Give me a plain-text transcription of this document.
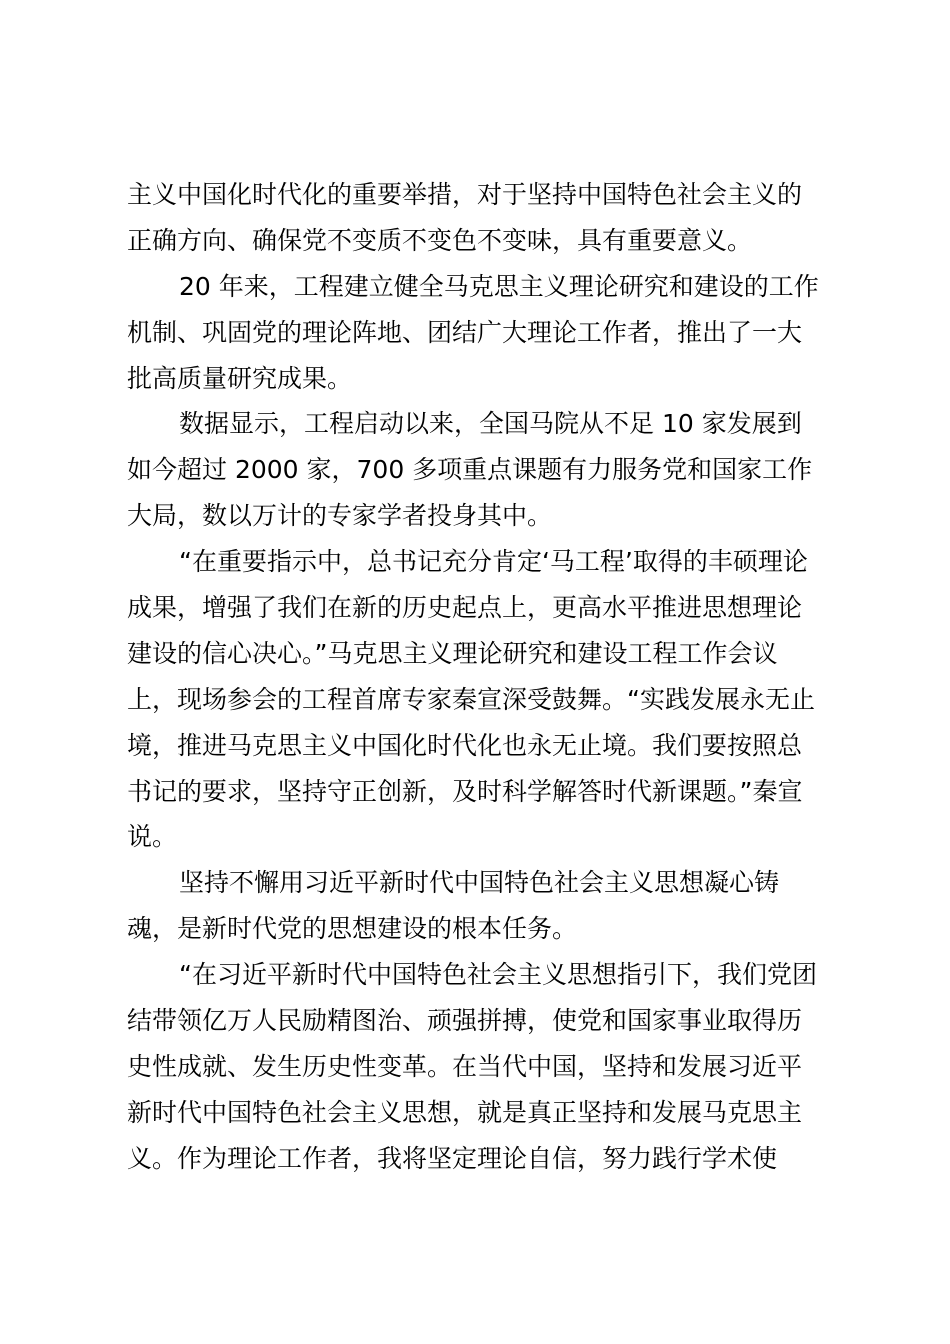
主义中国化时代化的重要举措，对于坚持中国特色社会主义的
正确方向、确保党不变质不变色不变味，具有重要意义。
20 年来，工程建立健全马克思主义理论研究和建设的工作
机制、巩固党的理论阵地、团结广大理论工作者，推出了一大
批高质量研究成果。
数据显示，工程启动以来，全国马院从不足 10 家发展到
如今超过 2000 家，700 多项重点课题有力服务党和国家工作
大局，数以万计的专家学者投身其中。
“在重要指示中，总书记充分肯定‘马工程’取得的丰硕理论
成果，增强了我们在新的历史起点上，更高水平推进思想理论
建设的信心决心。”马克思主义理论研究和建设工程工作会议
上，现场参会的工程首席专家秦宣深受鼓舞。“实践发展永无止
境，推进马克思主义中国化时代化也永无止境。我们要按照总
书记的要求，坚持守正创新，及时科学解答时代新课题。”秦宣
说。
坚持不懈用习近平新时代中国特色社会主义思想凝心铸
魂，是新时代党的思想建设的根本任务。
“在习近平新时代中国特色社会主义思想指引下，我们党团
结带领亿万人民励精图治、顽强拼搏，使党和国家事业取得历
史性成就、发生历史性变革。在当代中国，坚持和发展习近平
新时代中国特色社会主义思想，就是真正坚持和发展马克思主
义。作为理论工作者，我将坚定理论自信，努力践行学术使
